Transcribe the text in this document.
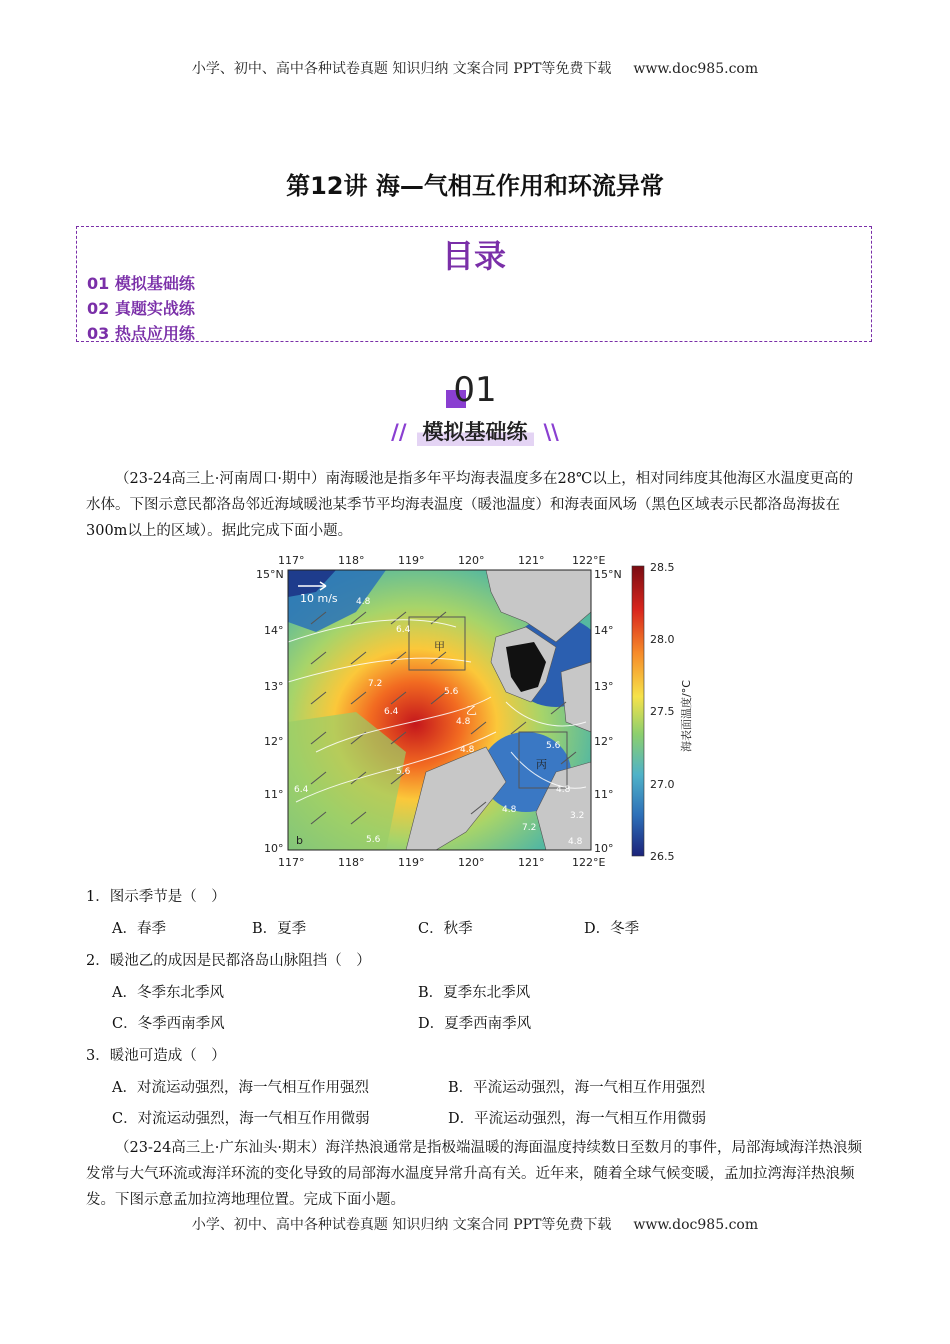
小学、初中、高中各种试卷真题 知识归纳 文案合同 PPT等免费下载 www.doc985.com
第12讲 海—气相互作用和环流异常
目录
01 模拟基础练
02 真题实战练
03 热点应用练
01
// 模拟基础练 \\
（23-24高三上·河南周口·期中）南海暖池是指多年平均海表温度多在28℃以上，相对同纬度其他海区水温度更高的水体。下图示意民都洛岛邻近海域暖池某季节平均海表温度（暖池温度）和海表面风场（黑色区域表示民都洛岛海拔在300m以上的区域）。据此完成下面小题。
10 m/s
甲
乙
丙
b
4.8
6.4
7.2
6.4
5.6
4.8
6.4
5.6
4.8
5.6
4.8
7.2
3.2
4.8
5.6
4.8
117°	118°	119°	120°	121°	122°E
117°	118°	119°	120°	121°	122°E
15°N
14°
13°
12°
11°
10°
15°N
14°
13°
12°
11°
10°
28.5
28.0
27.5
27.0
26.5
海表面温度/°C
1．图示季节是（　）
A．春季	B．夏季	C．秋季	D．冬季
2．暖池乙的成因是民都洛岛山脉阻挡（　）
A．冬季东北季风	B．夏季东北季风
C．冬季西南季风	D．夏季西南季风
3．暖池可造成（　）
A．对流运动强烈，海一气相互作用强烈	B．平流运动强烈，海一气相互作用强烈
C．对流运动强烈，海一气相互作用微弱	D．平流运动强烈，海一气相互作用微弱
（23-24高三上·广东汕头·期末）海洋热浪通常是指极端温暖的海面温度持续数日至数月的事件，局部海域海洋热浪频发常与大气环流或海洋环流的变化导致的局部海水温度异常升高有关。近年来，随着全球气候变暖，孟加拉湾海洋热浪频发。下图示意孟加拉湾地理位置。完成下面小题。
小学、初中、高中各种试卷真题 知识归纳 文案合同 PPT等免费下载 www.doc985.com
